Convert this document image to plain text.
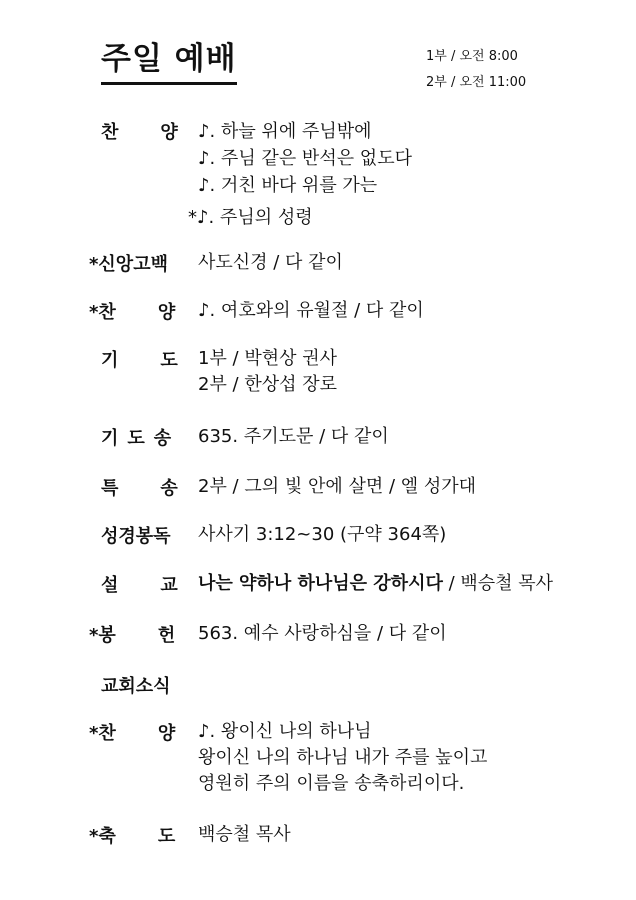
주일 예배	1부 / 오전 8:00
2부 / 오전 11:00
찬 양 ♪. 하늘 위에 주님밖에
♪. 주님 같은 반석은 없도다
♪. 거친 바다 위를 가는
*♪. 주님의 성령
*신앙고백 사도신경 / 다 같이
*찬 양 ♪. 여호와의 유월절 / 다 같이
기 도 1부 / 박현상 권사
2부 / 한상섭 장로
기 도 송 635. 주기도문 / 다 같이
특 송 2부 / 그의 빛 안에 살면 / 엘 성가대
성경봉독 사사기 3:12~30 (구약 364쪽)
설 교 나는 약하나 하나님은 강하시다 / 백승철 목사
*봉 헌 563. 예수 사랑하심을 / 다 같이
교회소식
*찬 양 ♪. 왕이신 나의 하나님
왕이신 나의 하나님 내가 주를 높이고
영원히 주의 이름을 송축하리이다.
*축 도 백승철 목사
